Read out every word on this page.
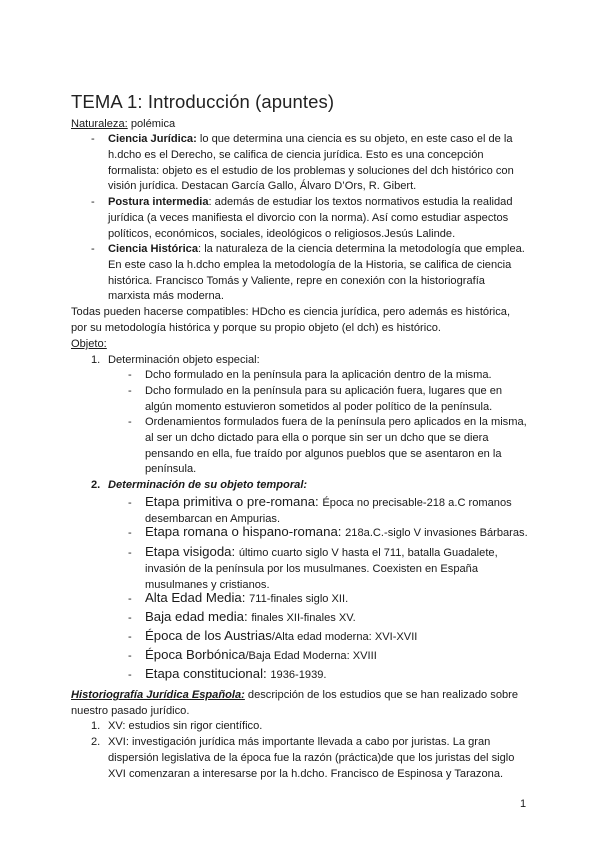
TEMA 1: Introducción (apuntes)
Naturaleza: polémica
- Ciencia Jurídica: lo que determina una ciencia es su objeto, en este caso el de la
h.dcho es el Derecho, se califica de ciencia jurídica. Esto es una concepción
formalista: objeto es el estudio de los problemas y soluciones del dch histórico con
visión jurídica. Destacan García Gallo, Álvaro D’Ors, R. Gibert.
- Postura intermedia: además de estudiar los textos normativos estudia la realidad
jurídica (a veces manifiesta el divorcio con la norma). Así como estudiar aspectos
políticos, económicos, sociales, ideológicos o religiosos.Jesús Lalinde.
- Ciencia Histórica: la naturaleza de la ciencia determina la metodología que emplea.
En este caso la h.dcho emplea la metodología de la Historia, se califica de ciencia
histórica. Francisco Tomás y Valiente, repre en conexión con la historiografía
marxista más moderna.
Todas pueden hacerse compatibles: HDcho es ciencia jurídica, pero además es histórica,
por su metodología histórica y porque su propio objeto (el dch) es histórico.
Objeto:
1. Determinación objeto especial:
- Dcho formulado en la península para la aplicación dentro de la misma.
- Dcho formulado en la península para su aplicación fuera, lugares que en
algún momento estuvieron sometidos al poder político de la península.
- Ordenamientos formulados fuera de la península pero aplicados en la misma,
al ser un dcho dictado para ella o porque sin ser un dcho que se diera
pensando en ella, fue traído por algunos pueblos que se asentaron en la
península.
2. Determinación de su objeto temporal:
- Etapa primitiva o pre-romana: Época no precisable-218 a.C romanos
desembarcan en Ampurias.
- Etapa romana o hispano-romana: 218a.C.-siglo V invasiones Bárbaras.
- Etapa visigoda: último cuarto siglo V hasta el 711, batalla Guadalete,
invasión de la península por los musulmanes. Coexisten en España
musulmanes y cristianos.
- Alta Edad Media: 711-finales siglo XII.
- Baja edad media: finales XII-finales XV.
- Época de los Austrias/Alta edad moderna: XVI-XVII
- Época Borbónica/Baja Edad Moderna: XVIII
- Etapa constitucional: 1936-1939.
Historiografía Jurídica Española: descripción de los estudios que se han realizado sobre
nuestro pasado jurídico.
1. XV: estudios sin rigor científico.
2. XVI: investigación jurídica más importante llevada a cabo por juristas. La gran
dispersión legislativa de la época fue la razón (práctica)de que los juristas del siglo
XVI comenzaran a interesarse por la h.dcho. Francisco de Espinosa y Tarazona.
1
